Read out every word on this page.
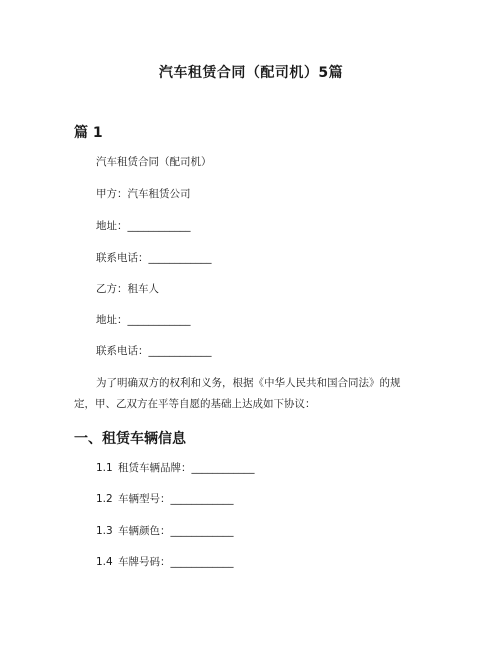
汽车租赁合同（配司机）5篇
篇 1
汽车租赁合同（配司机）
甲方：汽车租赁公司
地址：____________
联系电话：____________
乙方：租车人
地址：____________
联系电话：____________
为了明确双方的权利和义务，根据《中华人民共和国合同法》的规定，甲、乙双方在平等自愿的基础上达成如下协议：
一、租赁车辆信息
1.1 租赁车辆品牌：____________
1.2 车辆型号：____________
1.3 车辆颜色：____________
1.4 车牌号码：____________
